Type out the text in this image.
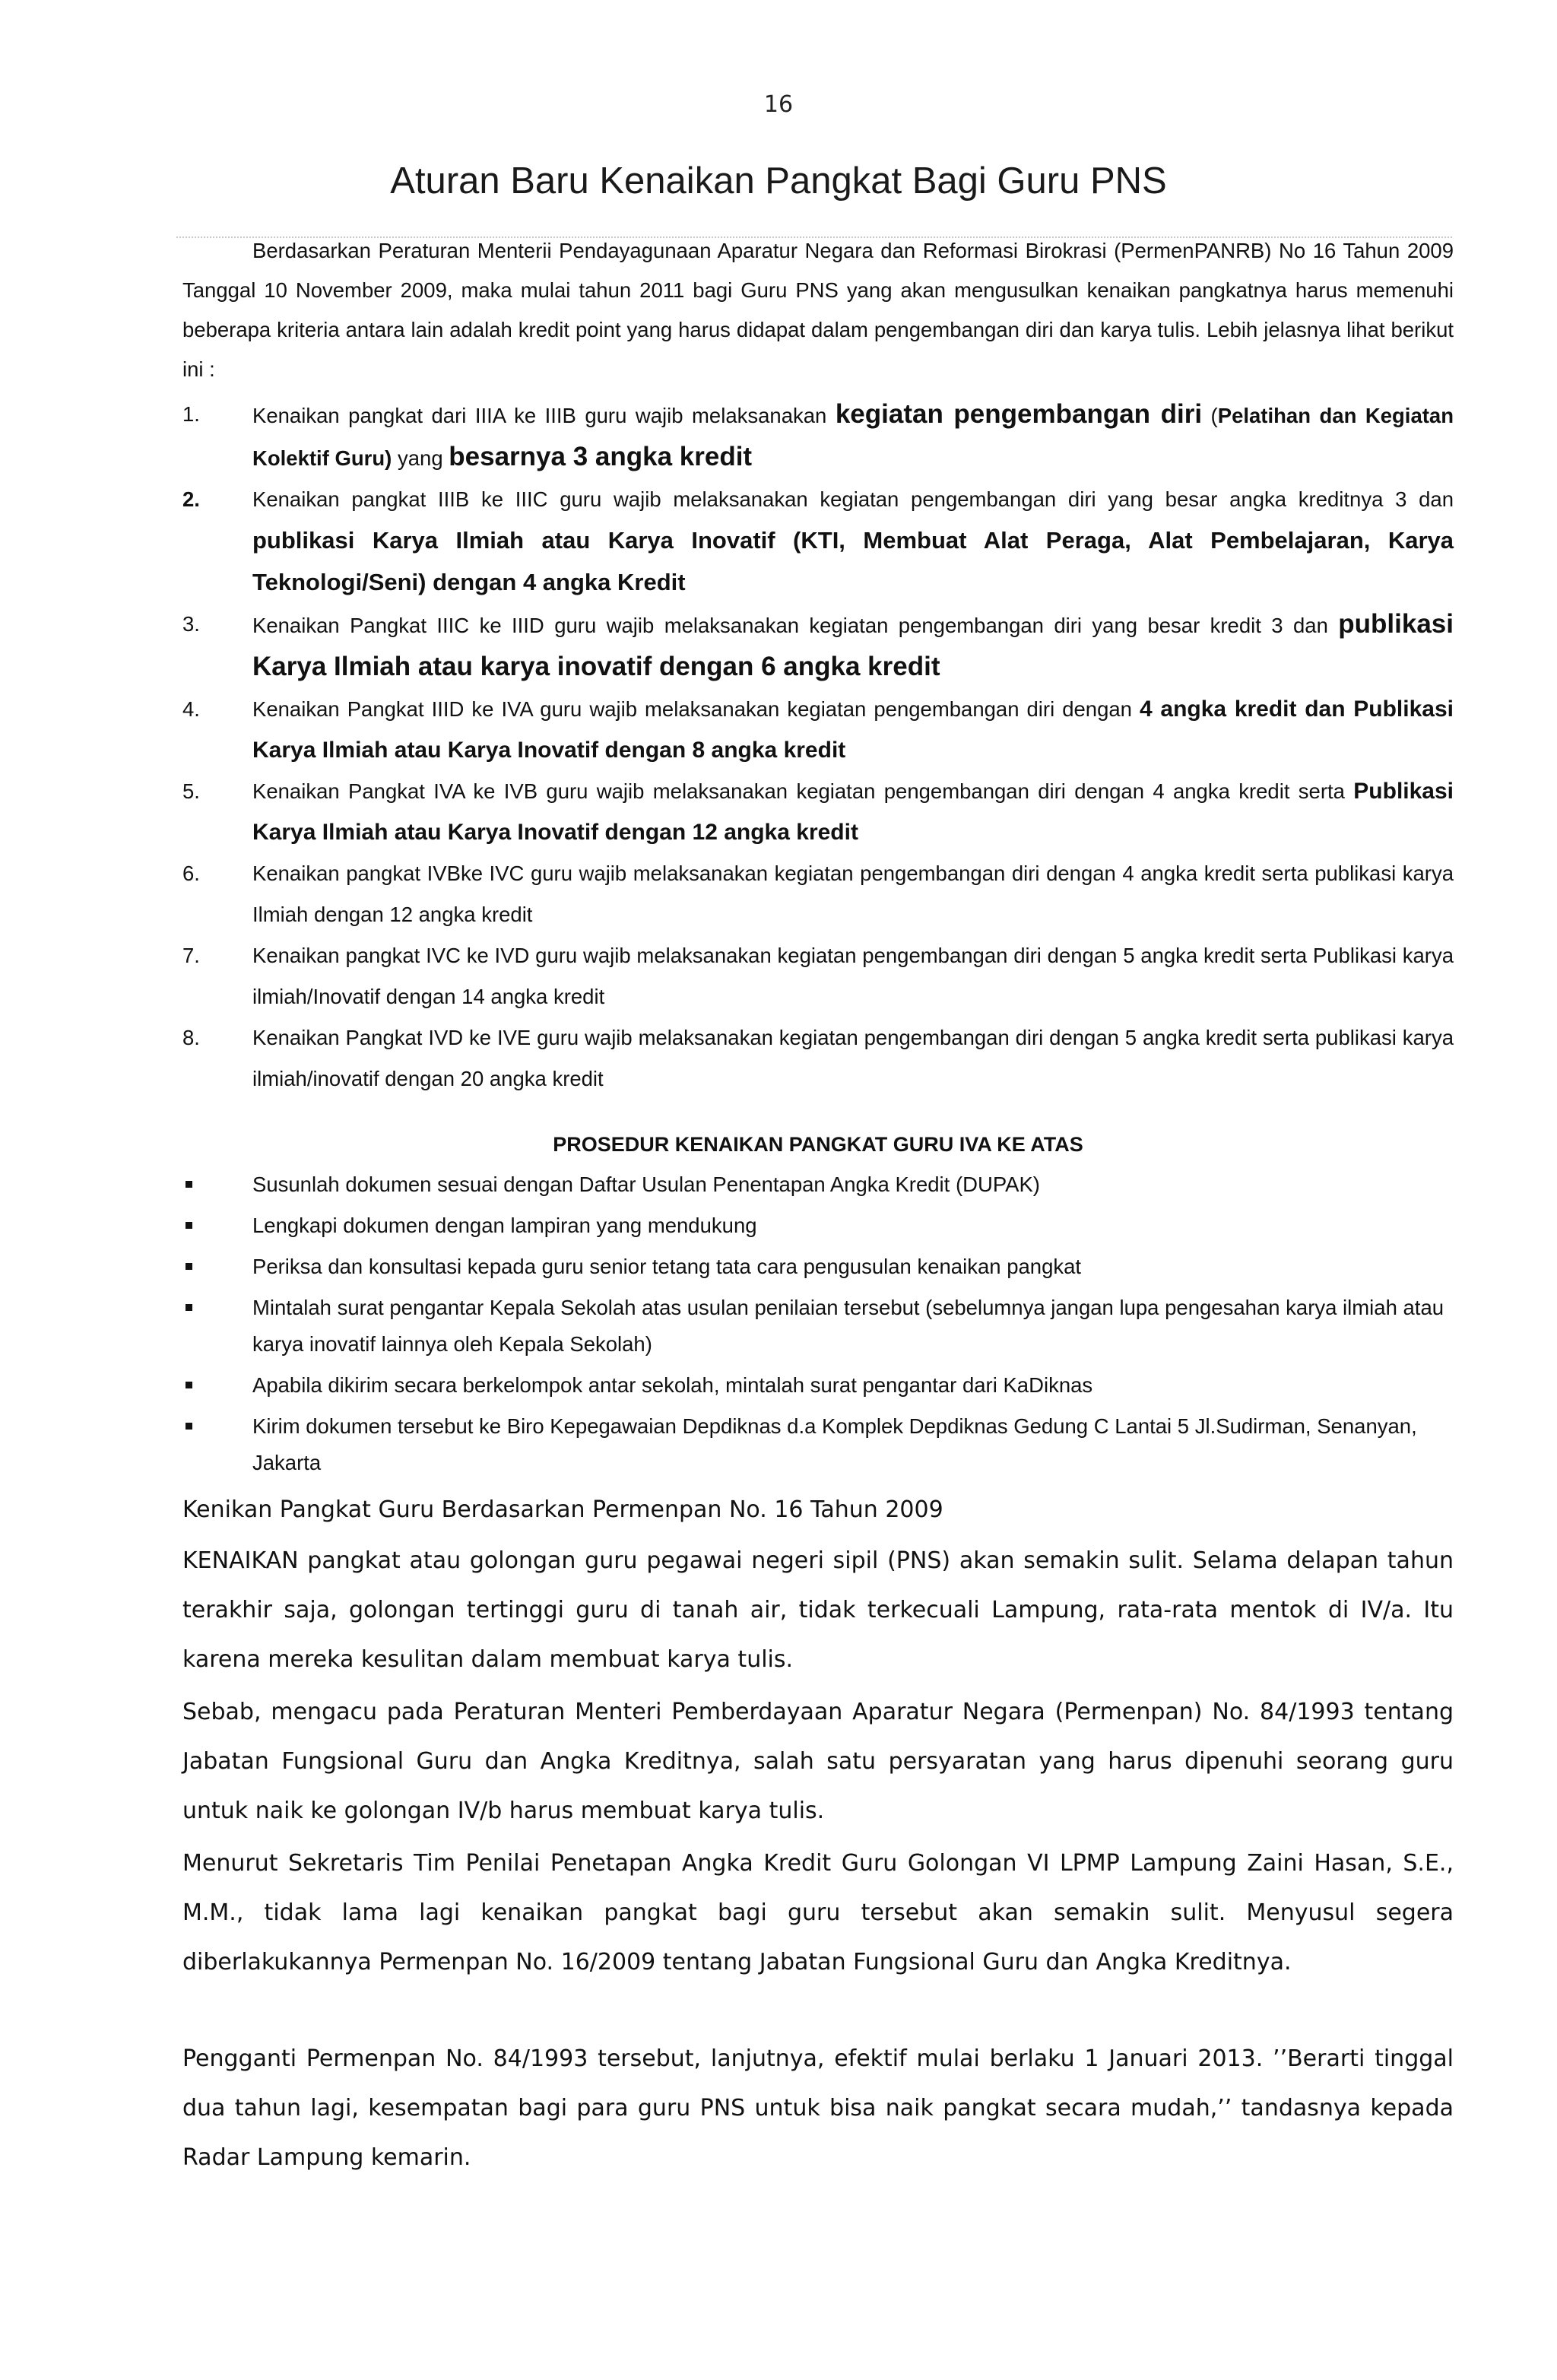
16
Aturan Baru Kenaikan Pangkat Bagi Guru PNS

Berdasarkan Peraturan Menterii Pendayagunaan Aparatur Negara dan Reformasi Birokrasi (PermenPANRB) No 16 Tahun 2009 Tanggal 10 November 2009, maka mulai tahun 2011 bagi Guru PNS yang akan mengusulkan kenaikan pangkatnya harus memenuhi beberapa kriteria antara lain adalah kredit point yang harus didapat dalam pengembangan diri dan karya tulis. Lebih jelasnya lihat berikut ini :

1.	Kenaikan pangkat dari IIIA ke IIIB guru wajib melaksanakan kegiatan pengembangan diri (Pelatihan dan Kegiatan Kolektif Guru) yang besarnya 3 angka kredit
2.	Kenaikan pangkat IIIB ke IIIC guru wajib melaksanakan kegiatan pengembangan diri yang besar angka kreditnya 3 dan publikasi Karya Ilmiah atau Karya Inovatif (KTI, Membuat Alat Peraga, Alat Pembelajaran, Karya Teknologi/Seni) dengan 4 angka Kredit
3.	Kenaikan Pangkat IIIC ke IIID guru wajib melaksanakan kegiatan pengembangan diri yang besar kredit 3 dan publikasi Karya Ilmiah atau karya inovatif dengan 6 angka kredit
4.	Kenaikan Pangkat IIID ke IVA guru wajib melaksanakan kegiatan pengembangan diri dengan 4 angka kredit dan Publikasi Karya Ilmiah atau Karya Inovatif dengan 8 angka kredit
5.	Kenaikan Pangkat IVA ke IVB guru wajib melaksanakan kegiatan pengembangan diri dengan 4 angka kredit serta Publikasi Karya Ilmiah atau Karya Inovatif dengan 12 angka kredit
6.	Kenaikan pangkat IVBke IVC guru wajib melaksanakan kegiatan pengembangan diri dengan 4 angka kredit serta publikasi karya Ilmiah dengan 12 angka kredit
7.	Kenaikan pangkat IVC ke IVD guru wajib melaksanakan kegiatan pengembangan diri dengan 5 angka kredit serta Publikasi karya ilmiah/Inovatif dengan 14 angka kredit
8.	Kenaikan Pangkat IVD ke IVE guru wajib melaksanakan kegiatan pengembangan diri dengan 5 angka kredit serta publikasi karya ilmiah/inovatif dengan 20 angka kredit
PROSEDUR KENAIKAN PANGKAT GURU IVA KE ATAS
Susunlah dokumen sesuai dengan Daftar Usulan Penentapan Angka Kredit (DUPAK)
Lengkapi dokumen dengan lampiran yang mendukung
Periksa dan konsultasi kepada guru senior tetang tata cara pengusulan kenaikan pangkat
Mintalah surat pengantar Kepala Sekolah atas usulan penilaian tersebut (sebelumnya jangan lupa pengesahan karya ilmiah atau karya inovatif lainnya oleh Kepala Sekolah)
Apabila dikirim secara berkelompok antar sekolah, mintalah surat pengantar dari KaDiknas
Kirim dokumen tersebut ke Biro Kepegawaian Depdiknas d.a Komplek Depdiknas Gedung C Lantai 5 Jl.Sudirman, Senanyan, Jakarta
Kenikan Pangkat Guru Berdasarkan Permenpan No. 16 Tahun 2009

KENAIKAN pangkat atau golongan guru pegawai negeri sipil (PNS) akan semakin sulit. Selama delapan tahun terakhir saja, golongan tertinggi guru di tanah air, tidak terkecuali Lampung, rata-rata mentok di IV/a. Itu karena mereka kesulitan dalam membuat karya tulis.

Sebab, mengacu pada Peraturan Menteri Pemberdayaan Aparatur Negara (Permenpan) No. 84/1993 tentang Jabatan Fungsional Guru dan Angka Kreditnya, salah satu persyaratan yang harus dipenuhi seorang guru untuk naik ke golongan IV/b harus membuat karya tulis.

Menurut Sekretaris Tim Penilai Penetapan Angka Kredit Guru Golongan VI LPMP Lampung Zaini Hasan, S.E., M.M., tidak lama lagi kenaikan pangkat bagi guru tersebut akan semakin sulit. Menyusul segera diberlakukannya Permenpan No. 16/2009 tentang Jabatan Fungsional Guru dan Angka Kreditnya.

Pengganti Permenpan No. 84/1993 tersebut, lanjutnya, efektif mulai berlaku 1 Januari 2013. ’’Berarti tinggal dua tahun lagi, kesempatan bagi para guru PNS untuk bisa naik pangkat secara mudah,’’ tandasnya kepada Radar Lampung kemarin.
